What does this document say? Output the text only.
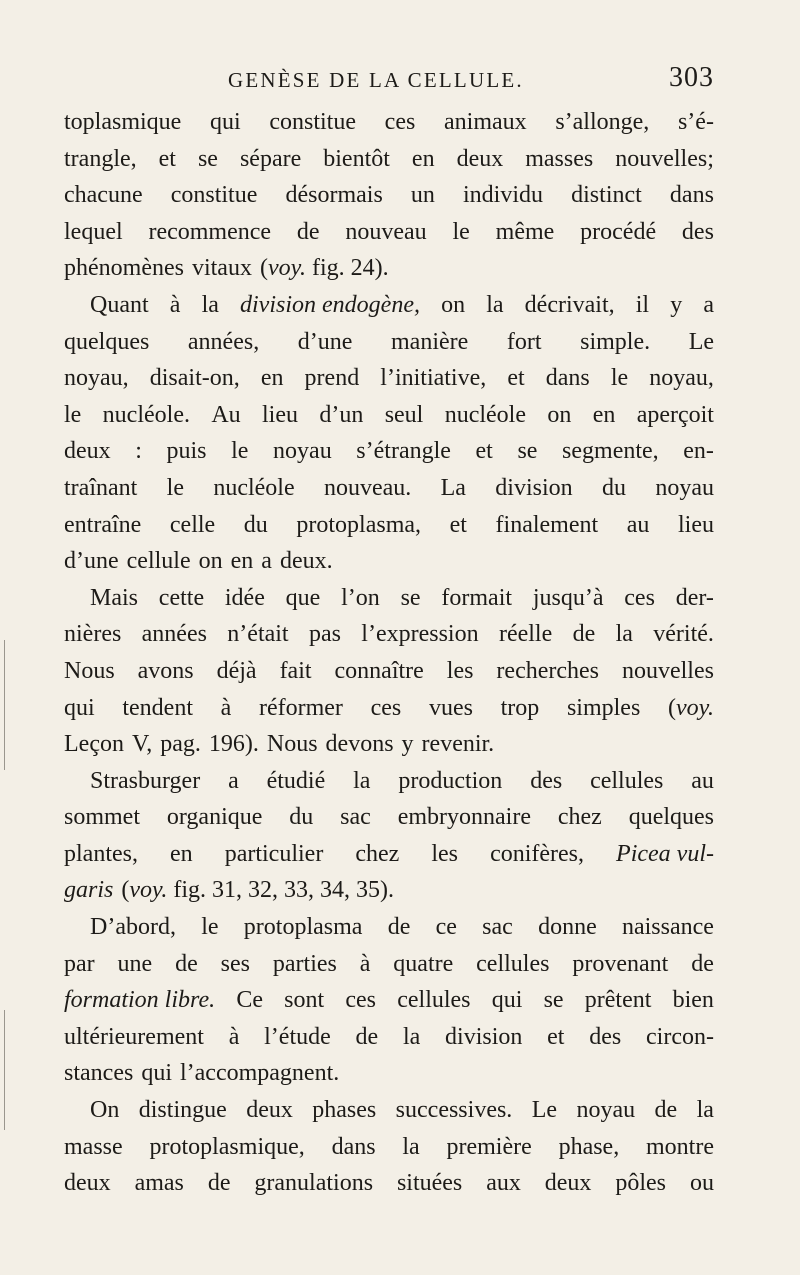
GENÈSE DE LA CELLULE.	303
toplasmique qui constitue ces animaux s’allonge, s’é-
trangle, et se sépare bientôt en deux masses nouvelles;
chacune constitue désormais un individu distinct dans
lequel recommence de nouveau le même procédé des
phénomènes vitaux (voy. fig. 24).
Quant à la division endogène, on la décrivait, il y a
quelques années, d’une manière fort simple. Le
noyau, disait-on, en prend l’initiative, et dans le noyau,
le nucléole. Au lieu d’un seul nucléole on en aperçoit
deux : puis le noyau s’étrangle et se segmente, en-
traînant le nucléole nouveau. La division du noyau
entraîne celle du protoplasma, et finalement au lieu
d’une cellule on en a deux.
Mais cette idée que l’on se formait jusqu’à ces der-
nières années n’était pas l’expression réelle de la vérité.
Nous avons déjà fait connaître les recherches nouvelles
qui tendent à réformer ces vues trop simples (voy.
Leçon V, pag. 196). Nous devons y revenir.
Strasburger a étudié la production des cellules au
sommet organique du sac embryonnaire chez quelques
plantes, en particulier chez les conifères, Picea vul-
garis (voy. fig. 31, 32, 33, 34, 35).
D’abord, le protoplasma de ce sac donne naissance
par une de ses parties à quatre cellules provenant de
formation libre. Ce sont ces cellules qui se prêtent bien
ultérieurement à l’étude de la division et des circon-
stances qui l’accompagnent.
On distingue deux phases successives. Le noyau de la
masse protoplasmique, dans la première phase, montre
deux amas de granulations situées aux deux pôles ou
